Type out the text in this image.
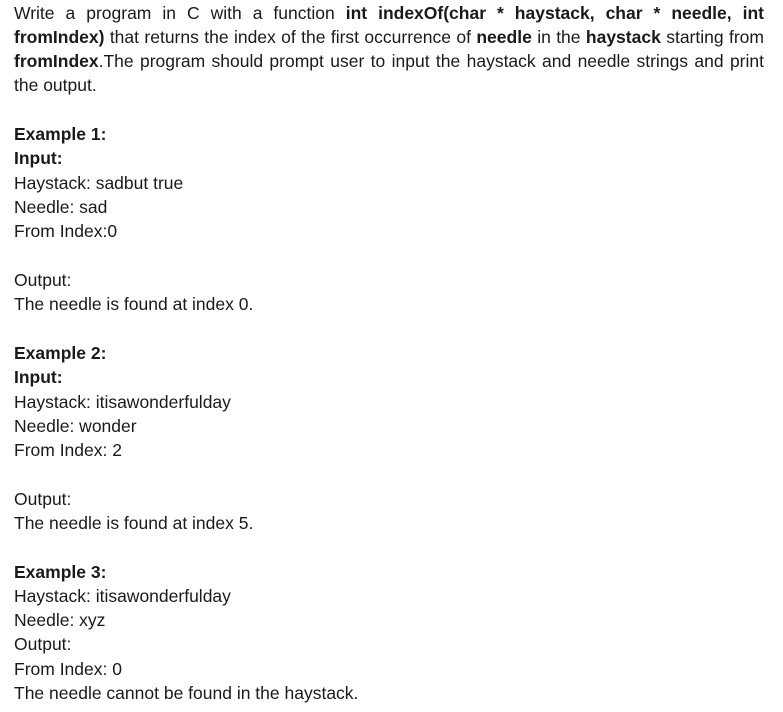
Write a program in C with a function int indexOf(char * haystack, char * needle, int fromIndex) that returns the index of the first occurrence of needle in the haystack starting from fromIndex.The program should prompt user to input the haystack and needle strings and print the output.

Example 1:
Input:
Haystack: sadbut true
Needle: sad
From Index:0
Output:
The needle is found at index 0.
Example 2:
Input:
Haystack: itisawonderfulday
Needle: wonder
From Index: 2
Output:
The needle is found at index 5.
Example 3:
Haystack: itisawonderfulday
Needle: xyz
Output:
From Index: 0
The needle cannot be found in the haystack.
